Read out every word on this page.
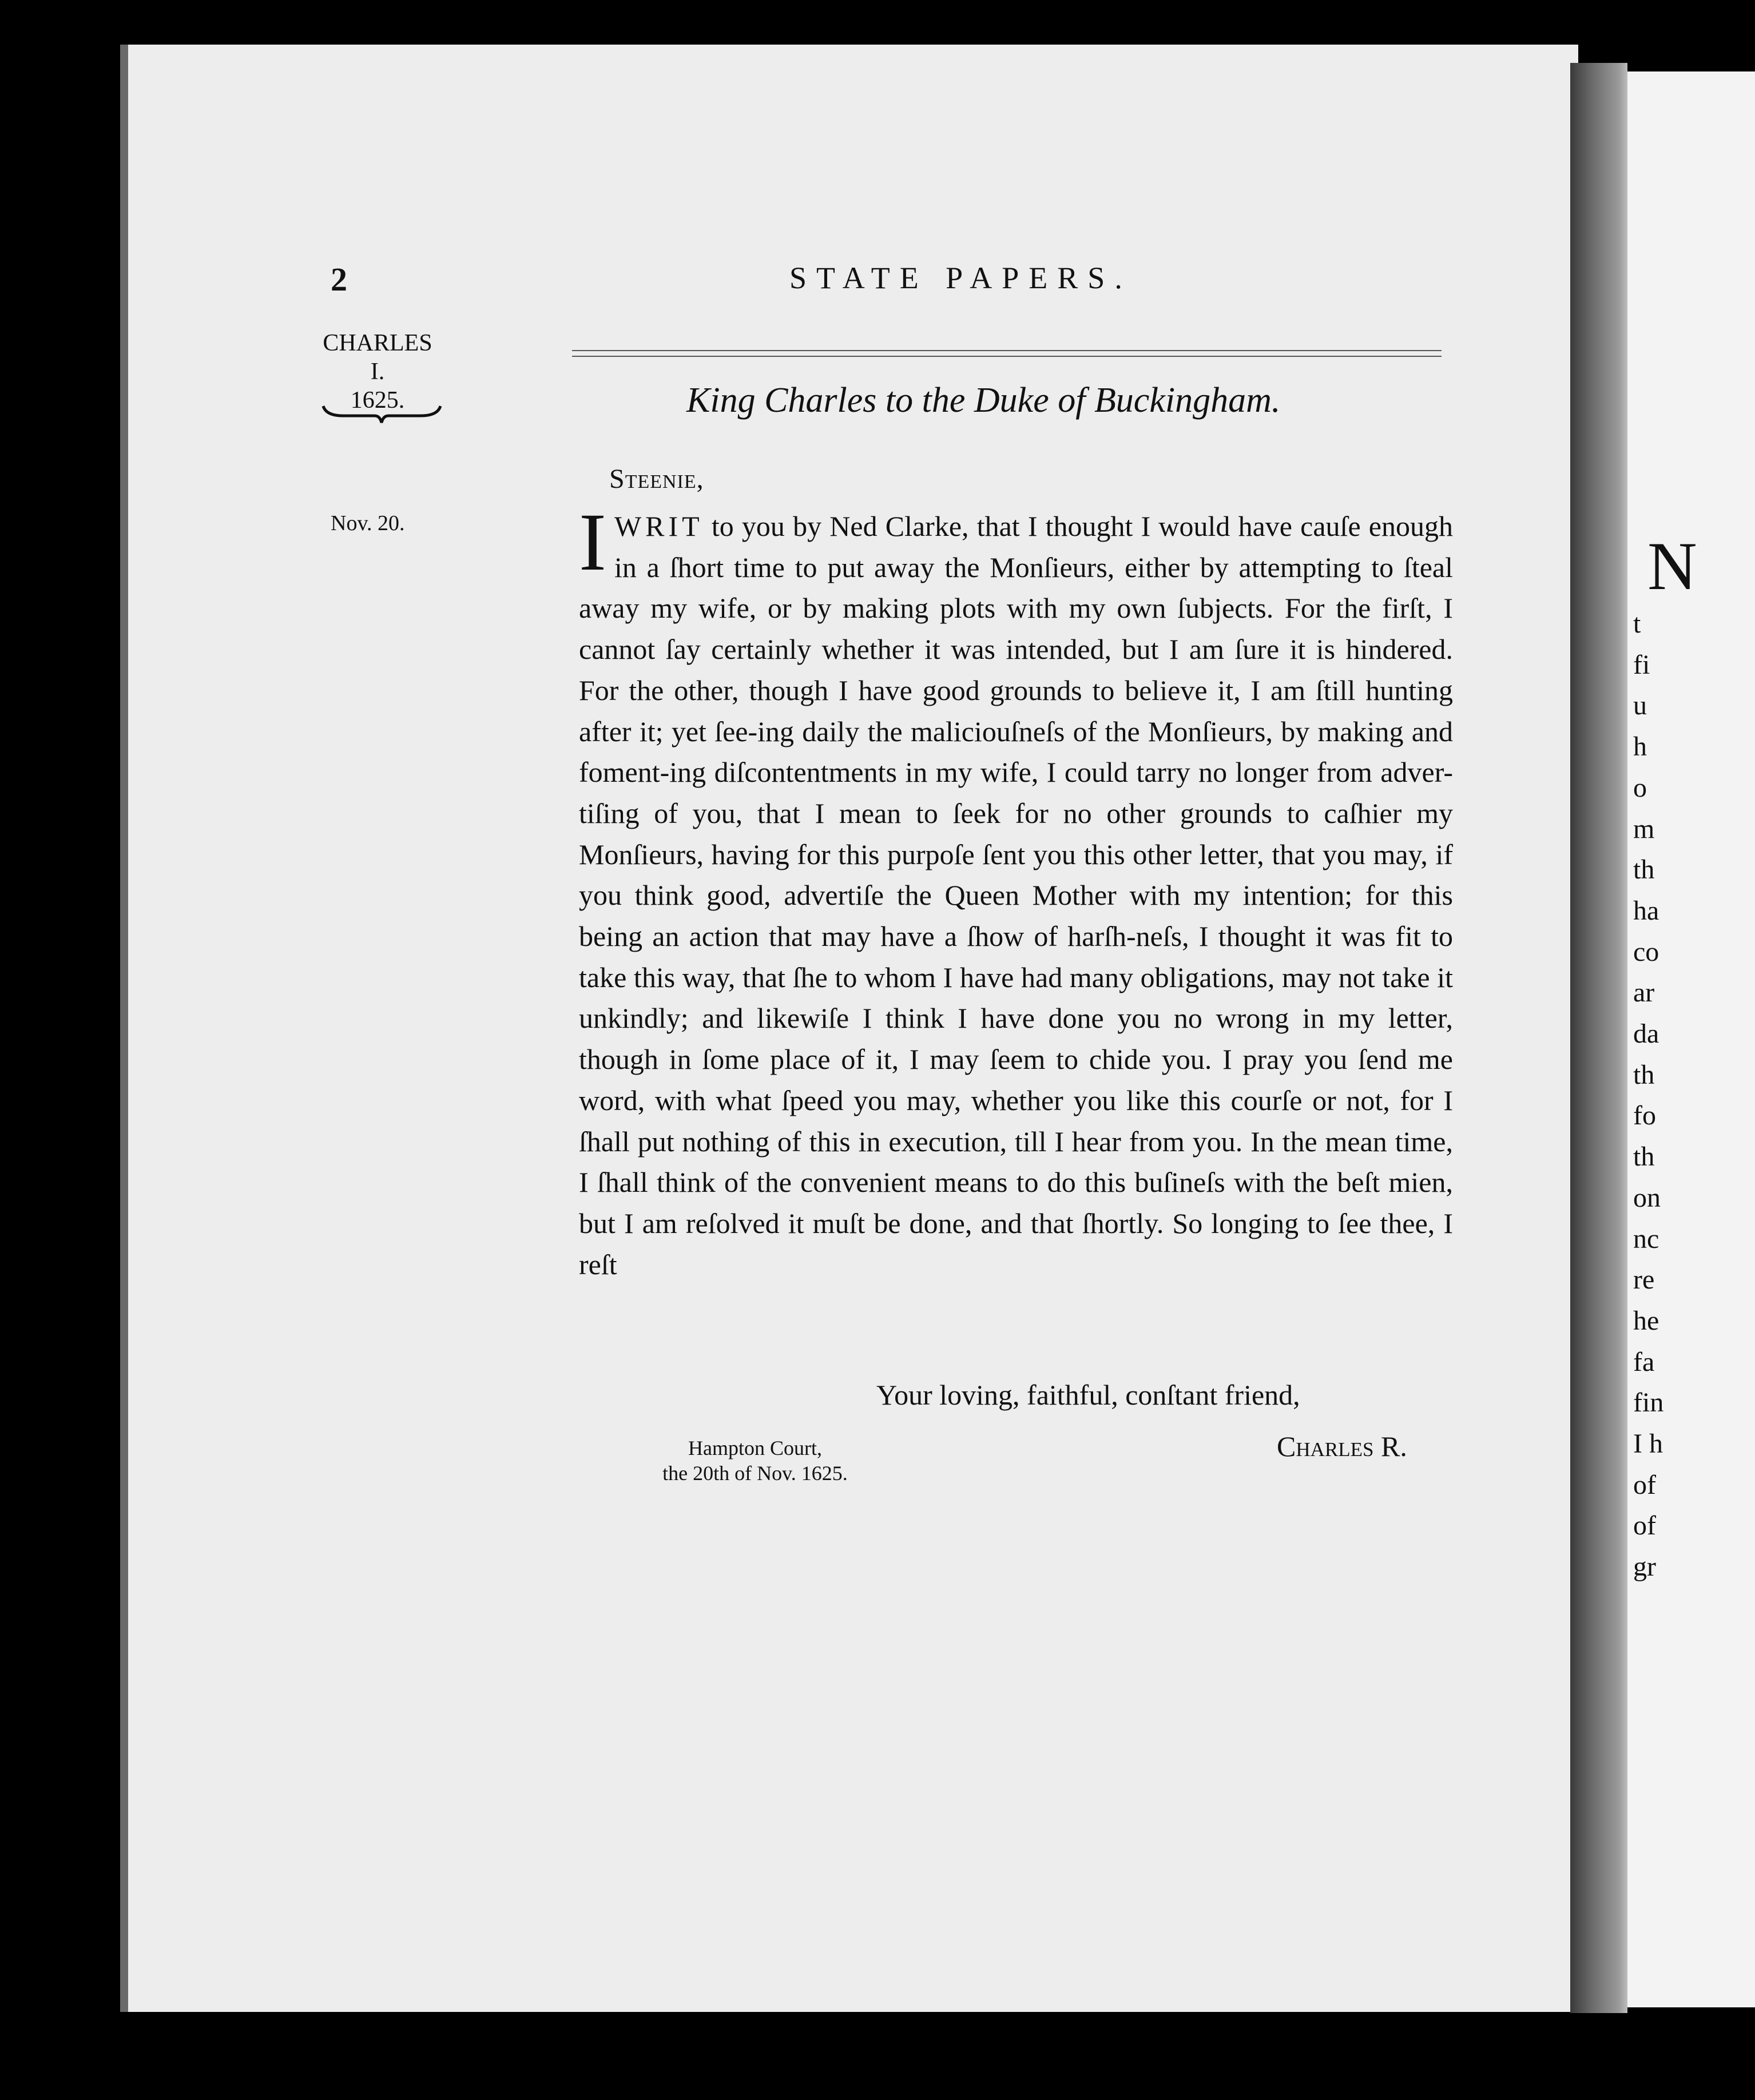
2	STATE PAPERS.
CHARLES
I.
1625.	King Charles to the Duke of Buckingham.
Steenie,
Nov. 20. IWRIT to you by Ned Clarke, that I thought I would have cauſe enough in a ſhort time to put away the Monſieurs, either by attempting to ſteal away my wife, or by making plots with my own ſubjects. For the firſt, I cannot ſay certainly whether it was intended, but I am ſure it is hindered. For the other, though I have good grounds to believe it, I am ſtill hunting after it; yet ſee-ing daily the maliciouſneſs of the Monſieurs, by making and foment-ing diſcontentments in my wife, I could tarry no longer from adver-tiſing of you, that I mean to ſeek for no other grounds to caſhier my Monſieurs, having for this purpoſe ſent you this other letter, that you may, if you think good, advertiſe the Queen Mother with my intention; for this being an action that may have a ſhow of harſh-neſs, I thought it was fit to take this way, that ſhe to whom I have had many obligations, may not take it unkindly; and likewiſe I think I have done you no wrong in my letter, though in ſome place of it, I may ſeem to chide you. I pray you ſend me word, with what ſpeed you may, whether you like this courſe or not, for I ſhall put nothing of this in execution, till I hear from you. In the mean time, I ſhall think of the convenient means to do this buſineſs with the beſt mien, but I am reſolved it muſt be done, and that ſhortly. So longing to ſee thee, I reſt
Your loving, faithful, conſtant friend,
Hampton Court,
the 20th of Nov. 1625.
Charles R.
N
t
fi
u
h
o
m
th
ha
co
ar
da
th
fo
th
on
nc
re
he
fa
fin
I h
of
of
gr
